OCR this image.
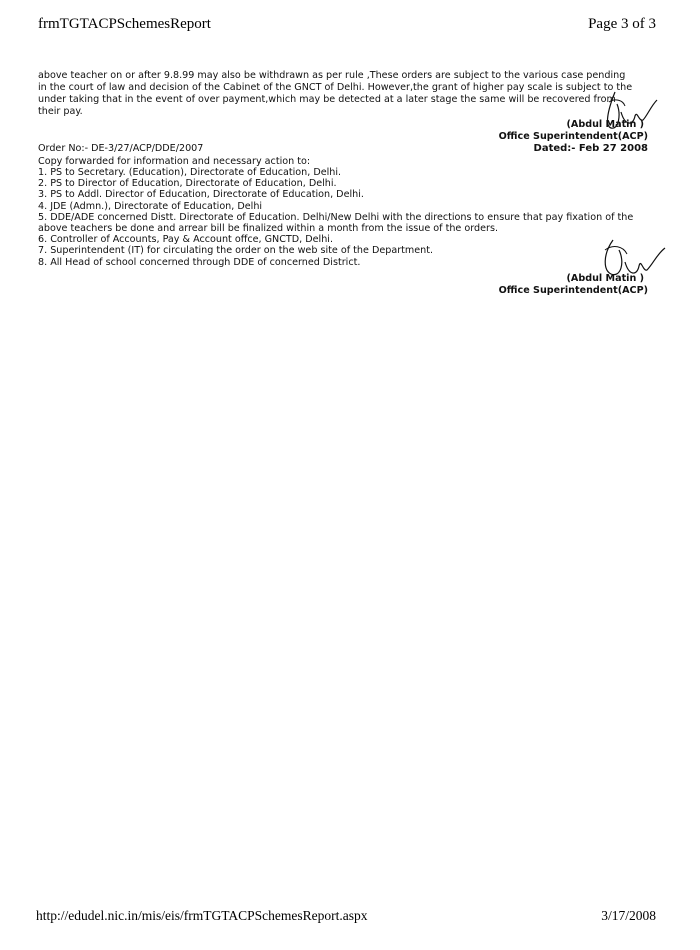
frmTGTACPSchemesReport	Page 3 of 3
above teacher on or after 9.8.99 may also be withdrawn as per rule ,These orders are subject to the various case pending
in the court of law and decision of the Cabinet of the GNCT of Delhi. However,the grant of higher pay scale is subject to the
under taking that in the event of over payment,which may be detected at a later stage the same will be recovered from
their pay.
(Abdul Matin )
Office Superintendent(ACP)
Dated:- Feb 27 2008
Order No:- DE-3/27/ACP/DDE/2007
Copy forwarded for information and necessary action to:
1. PS to Secretary. (Education), Directorate of Education, Delhi.
2. PS to Director of Education, Directorate of Education, Delhi.
3. PS to Addl. Director of Education, Directorate of Education, Delhi.
4. JDE (Admn.), Directorate of Education, Delhi
5. DDE/ADE concerned Distt. Directorate of Education. Delhi/New Delhi with the directions to ensure that pay fixation of the
above teachers be done and arrear bill be finalized within a month from the issue of the orders.
6. Controller of Accounts, Pay & Account offce, GNCTD, Delhi.
7. Superintendent (IT) for circulating the order on the web site of the Department.
8. All Head of school concerned through DDE of concerned District.
(Abdul Matin )
Office Superintendent(ACP)
http://edudel.nic.in/mis/eis/frmTGTACPSchemesReport.aspx	3/17/2008
